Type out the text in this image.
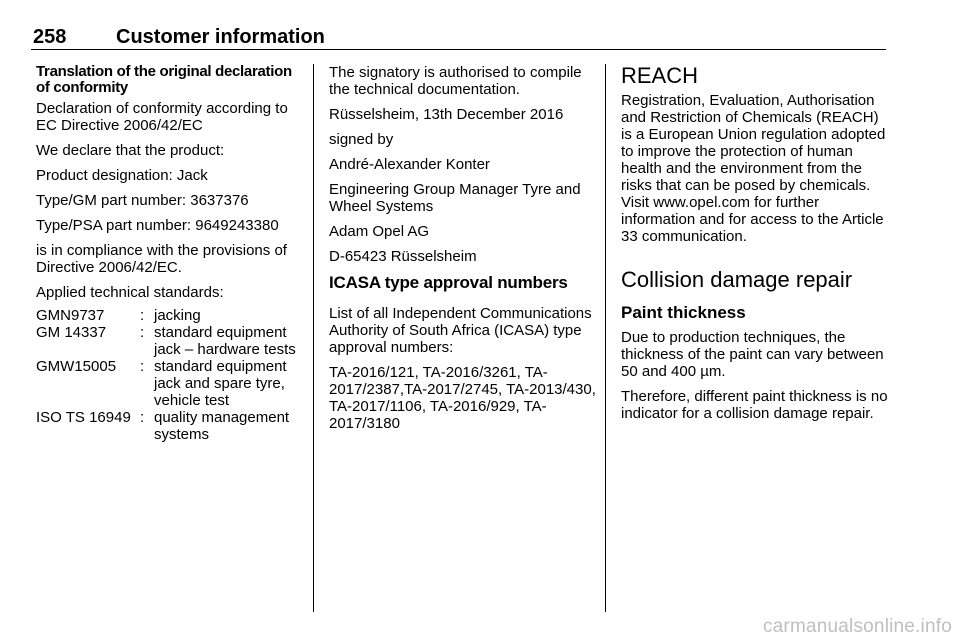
258 Customer information
Translation of the original declaration of conformity

Declaration of conformity according to EC Directive 2006/42/EC

We declare that the product:

Product designation: Jack

Type/GM part number: 3637376

Type/PSA part number: 9649243380

is in compliance with the provisions of Directive 2006/42/EC.

Applied technical standards:

GMN9737	:	jacking
GM 14337	:	standard equipment jack – hardware tests
GMW15005	:	standard equipment jack and spare tyre, vehicle test
ISO TS 16949	:	quality management systems

The signatory is authorised to compile the technical documentation.

Rüsselsheim, 13th December 2016

signed by

André-Alexander Konter

Engineering Group Manager Tyre and Wheel Systems

Adam Opel AG

D-65423 Rüsselsheim

ICASA type approval numbers

List of all Independent Communications Authority of South Africa (ICASA) type approval numbers:

TA-2016/121, TA-2016/3261, TA-2017/2387,TA-2017/2745, TA-2013/430, TA-2017/1106, TA-2016/929, TA-2017/3180

REACH

Registration, Evaluation, Authorisation and Restriction of Chemicals (REACH) is a European Union regulation adopted to improve the protection of human health and the environment from the risks that can be posed by chemicals. Visit www.opel.com for further information and for access to the Article 33 communication.

Collision damage repair
Paint thickness

Due to production techniques, the thickness of the paint can vary between 50 and 400 µm.

Therefore, different paint thickness is no indicator for a collision damage repair.

carmanualsonline.info
